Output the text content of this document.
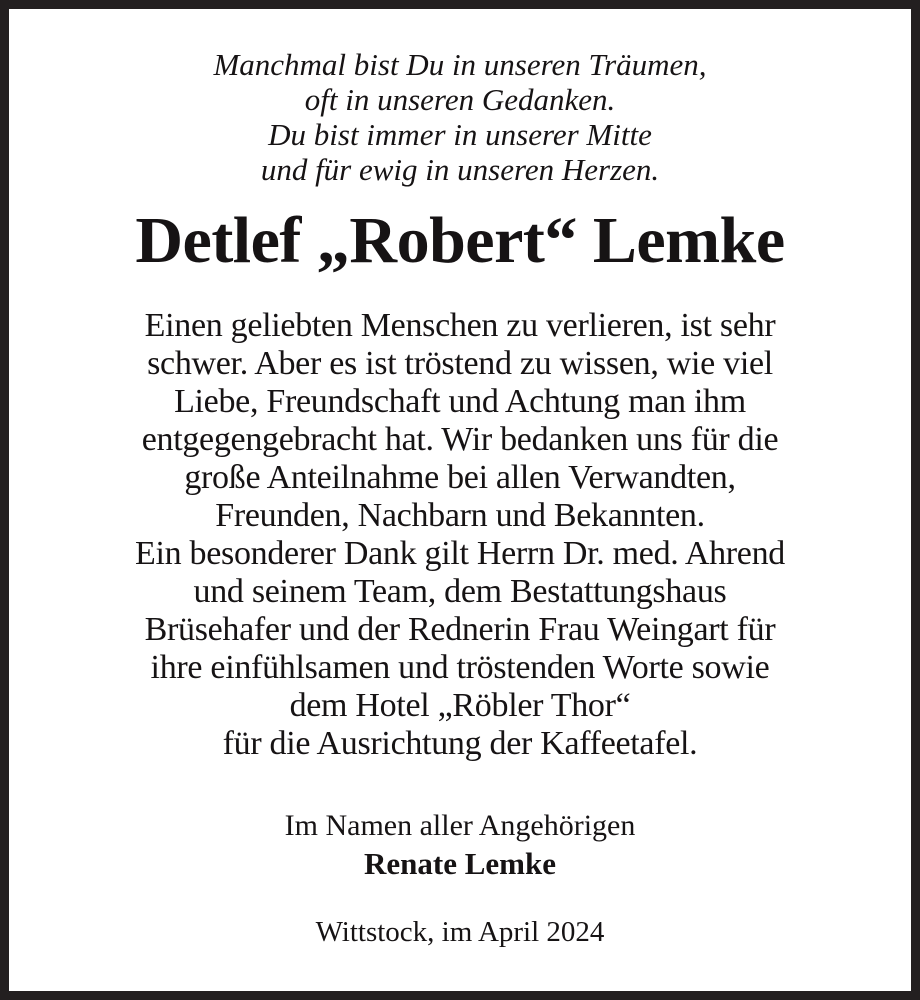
Manchmal bist Du in unseren Träumen,
oft in unseren Gedanken.
Du bist immer in unserer Mitte
und für ewig in unseren Herzen.
Detlef „Robert“ Lemke
Einen geliebten Menschen zu verlieren, ist sehr
schwer. Aber es ist tröstend zu wissen, wie viel
Liebe, Freundschaft und Achtung man ihm
entgegengebracht hat. Wir bedanken uns für die
große Anteilnahme bei allen Verwandten,
Freunden, Nachbarn und Bekannten.
Ein besonderer Dank gilt Herrn Dr. med. Ahrend
und seinem Team, dem Bestattungshaus
Brüsehafer und der Rednerin Frau Weingart für
ihre einfühlsamen und tröstenden Worte sowie
dem Hotel „Röbler Thor“
für die Ausrichtung der Kaffeetafel.
Im Namen aller Angehörigen
Renate Lemke
Wittstock, im April 2024
